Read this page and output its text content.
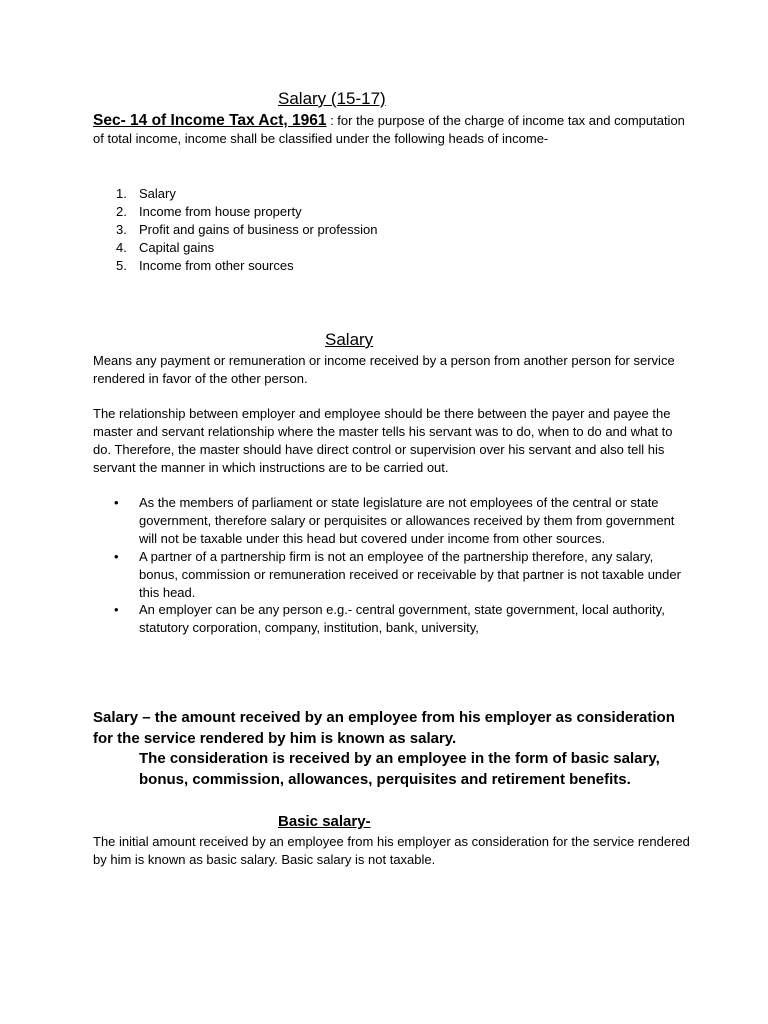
Salary (15-17)
Sec- 14 of Income Tax Act, 1961 : for the purpose of the charge of income tax and computation of total income, income shall be classified under the following heads of income-
1. Salary
2. Income from house property
3. Profit and gains of business or profession
4. Capital gains
5. Income from other sources
Salary
Means any payment or remuneration or income received by a person from another person for service rendered in favor of the other person.
The relationship between employer and employee should be there between the payer and payee the master and servant relationship where the master tells his servant was to do, when to do and what to do. Therefore, the master should have direct control or supervision over his servant and also tell his servant the manner in which instructions are to be carried out.
• As the members of parliament or state legislature are not employees of the central or state government, therefore salary or perquisites or allowances received by them from government will not be taxable under this head but covered under income from other sources.
• A partner of a partnership firm is not an employee of the partnership therefore, any salary, bonus, commission or remuneration received or receivable by that partner is not taxable under this head.
• An employer can be any person e.g.- central government, state government, local authority, statutory corporation, company, institution, bank, university,
Salary – the amount received by an employee from his employer as consideration for the service rendered by him is known as salary.
The consideration is received by an employee in the form of basic salary, bonus, commission, allowances, perquisites and retirement benefits.
Basic salary-
The initial amount received by an employee from his employer as consideration for the service rendered by him is known as basic salary. Basic salary is not taxable.
